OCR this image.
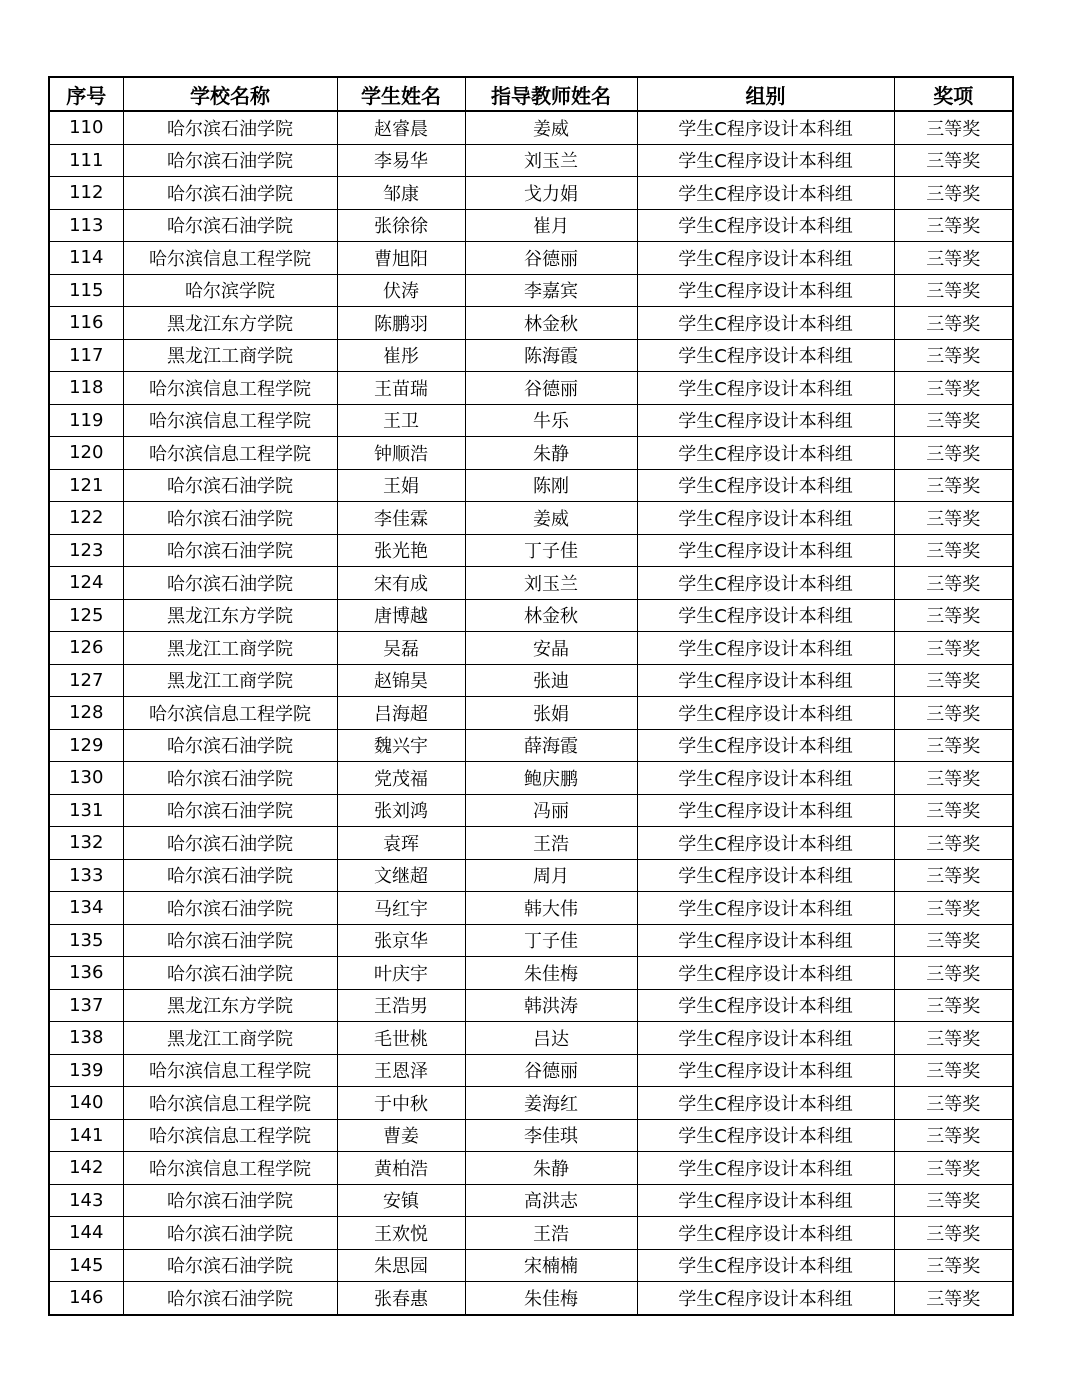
序号	学校名称	学生姓名	指导教师姓名	组别	奖项
110	哈尔滨石油学院	赵睿晨	姜威	学生C程序设计本科组	三等奖
111	哈尔滨石油学院	李易华	刘玉兰	学生C程序设计本科组	三等奖
112	哈尔滨石油学院	邹康	戈力娟	学生C程序设计本科组	三等奖
113	哈尔滨石油学院	张徐徐	崔月	学生C程序设计本科组	三等奖
114	哈尔滨信息工程学院	曹旭阳	谷德丽	学生C程序设计本科组	三等奖
115	哈尔滨学院	伏涛	李嘉宾	学生C程序设计本科组	三等奖
116	黑龙江东方学院	陈鹏羽	林金秋	学生C程序设计本科组	三等奖
117	黑龙江工商学院	崔彤	陈海霞	学生C程序设计本科组	三等奖
118	哈尔滨信息工程学院	王苗瑞	谷德丽	学生C程序设计本科组	三等奖
119	哈尔滨信息工程学院	王卫	牛乐	学生C程序设计本科组	三等奖
120	哈尔滨信息工程学院	钟顺浩	朱静	学生C程序设计本科组	三等奖
121	哈尔滨石油学院	王娟	陈刚	学生C程序设计本科组	三等奖
122	哈尔滨石油学院	李佳霖	姜威	学生C程序设计本科组	三等奖
123	哈尔滨石油学院	张光艳	丁子佳	学生C程序设计本科组	三等奖
124	哈尔滨石油学院	宋有成	刘玉兰	学生C程序设计本科组	三等奖
125	黑龙江东方学院	唐博越	林金秋	学生C程序设计本科组	三等奖
126	黑龙江工商学院	吴磊	安晶	学生C程序设计本科组	三等奖
127	黑龙江工商学院	赵锦昊	张迪	学生C程序设计本科组	三等奖
128	哈尔滨信息工程学院	吕海超	张娟	学生C程序设计本科组	三等奖
129	哈尔滨石油学院	魏兴宇	薛海霞	学生C程序设计本科组	三等奖
130	哈尔滨石油学院	党茂福	鲍庆鹏	学生C程序设计本科组	三等奖
131	哈尔滨石油学院	张刘鸿	冯丽	学生C程序设计本科组	三等奖
132	哈尔滨石油学院	袁珲	王浩	学生C程序设计本科组	三等奖
133	哈尔滨石油学院	文继超	周月	学生C程序设计本科组	三等奖
134	哈尔滨石油学院	马红宇	韩大伟	学生C程序设计本科组	三等奖
135	哈尔滨石油学院	张京华	丁子佳	学生C程序设计本科组	三等奖
136	哈尔滨石油学院	叶庆宇	朱佳梅	学生C程序设计本科组	三等奖
137	黑龙江东方学院	王浩男	韩洪涛	学生C程序设计本科组	三等奖
138	黑龙江工商学院	毛世桃	吕达	学生C程序设计本科组	三等奖
139	哈尔滨信息工程学院	王恩泽	谷德丽	学生C程序设计本科组	三等奖
140	哈尔滨信息工程学院	于中秋	姜海红	学生C程序设计本科组	三等奖
141	哈尔滨信息工程学院	曹姜	李佳琪	学生C程序设计本科组	三等奖
142	哈尔滨信息工程学院	黄柏浩	朱静	学生C程序设计本科组	三等奖
143	哈尔滨石油学院	安镇	高洪志	学生C程序设计本科组	三等奖
144	哈尔滨石油学院	王欢悦	王浩	学生C程序设计本科组	三等奖
145	哈尔滨石油学院	朱思园	宋楠楠	学生C程序设计本科组	三等奖
146	哈尔滨石油学院	张春惠	朱佳梅	学生C程序设计本科组	三等奖
